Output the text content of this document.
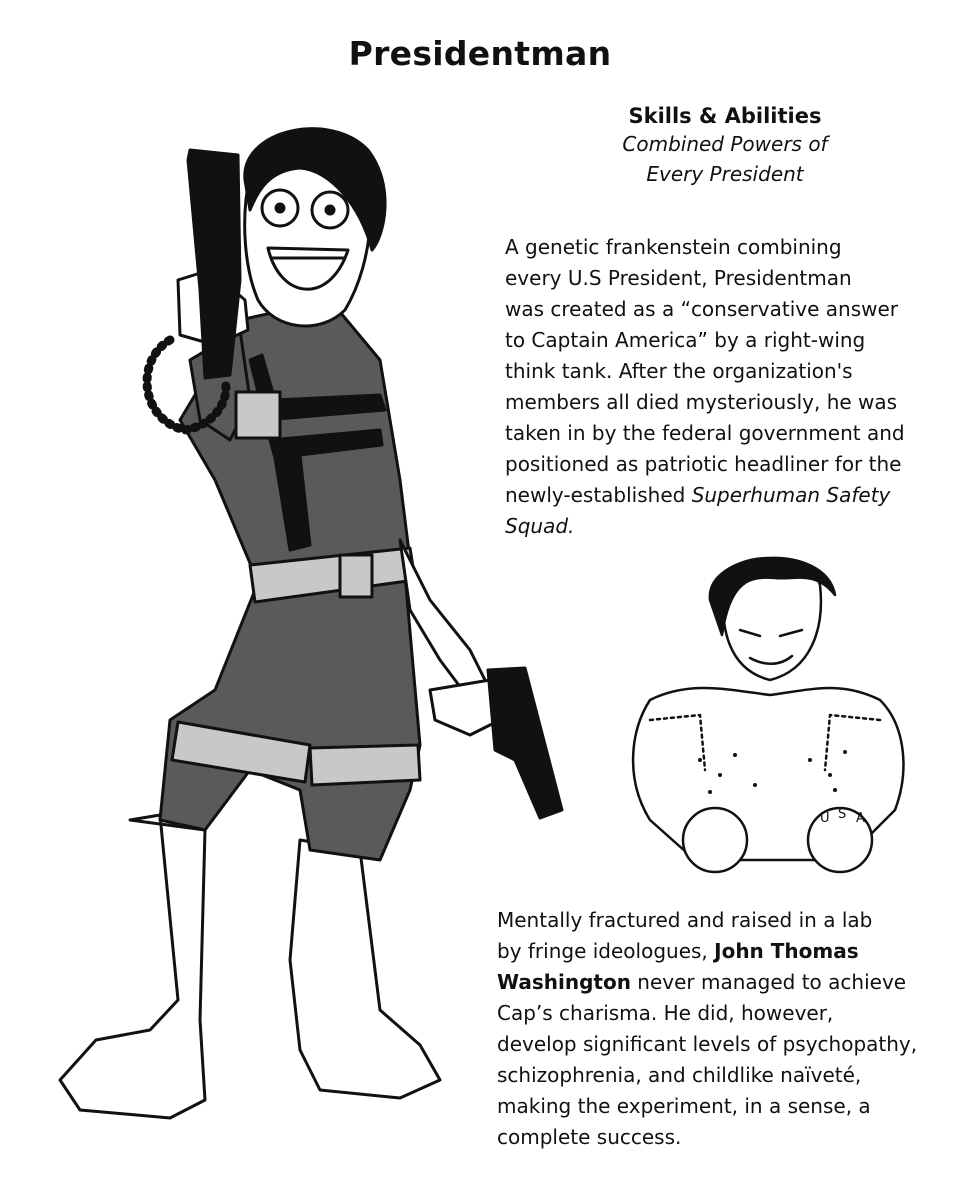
Presidentman
Skills & Abilities
Combined Powers of
Every President
A genetic frankenstein combining
every U.S President, Presidentman
was created as a “conservative answer
to Captain America” by a right-wing
think tank. After the organization's
members all died mysteriously, he was
taken in by the federal government and
positioned as patriotic headliner for the
newly-established Superhuman Safety
Squad.
Mentally fractured and raised in a lab
by fringe ideologues, John Thomas
Washington never managed to achieve
Cap’s charisma. He did, however,
develop significant levels of psychopathy,
schizophrenia, and childlike naïveté,
making the experiment, in a sense, a
complete success.
U S A
